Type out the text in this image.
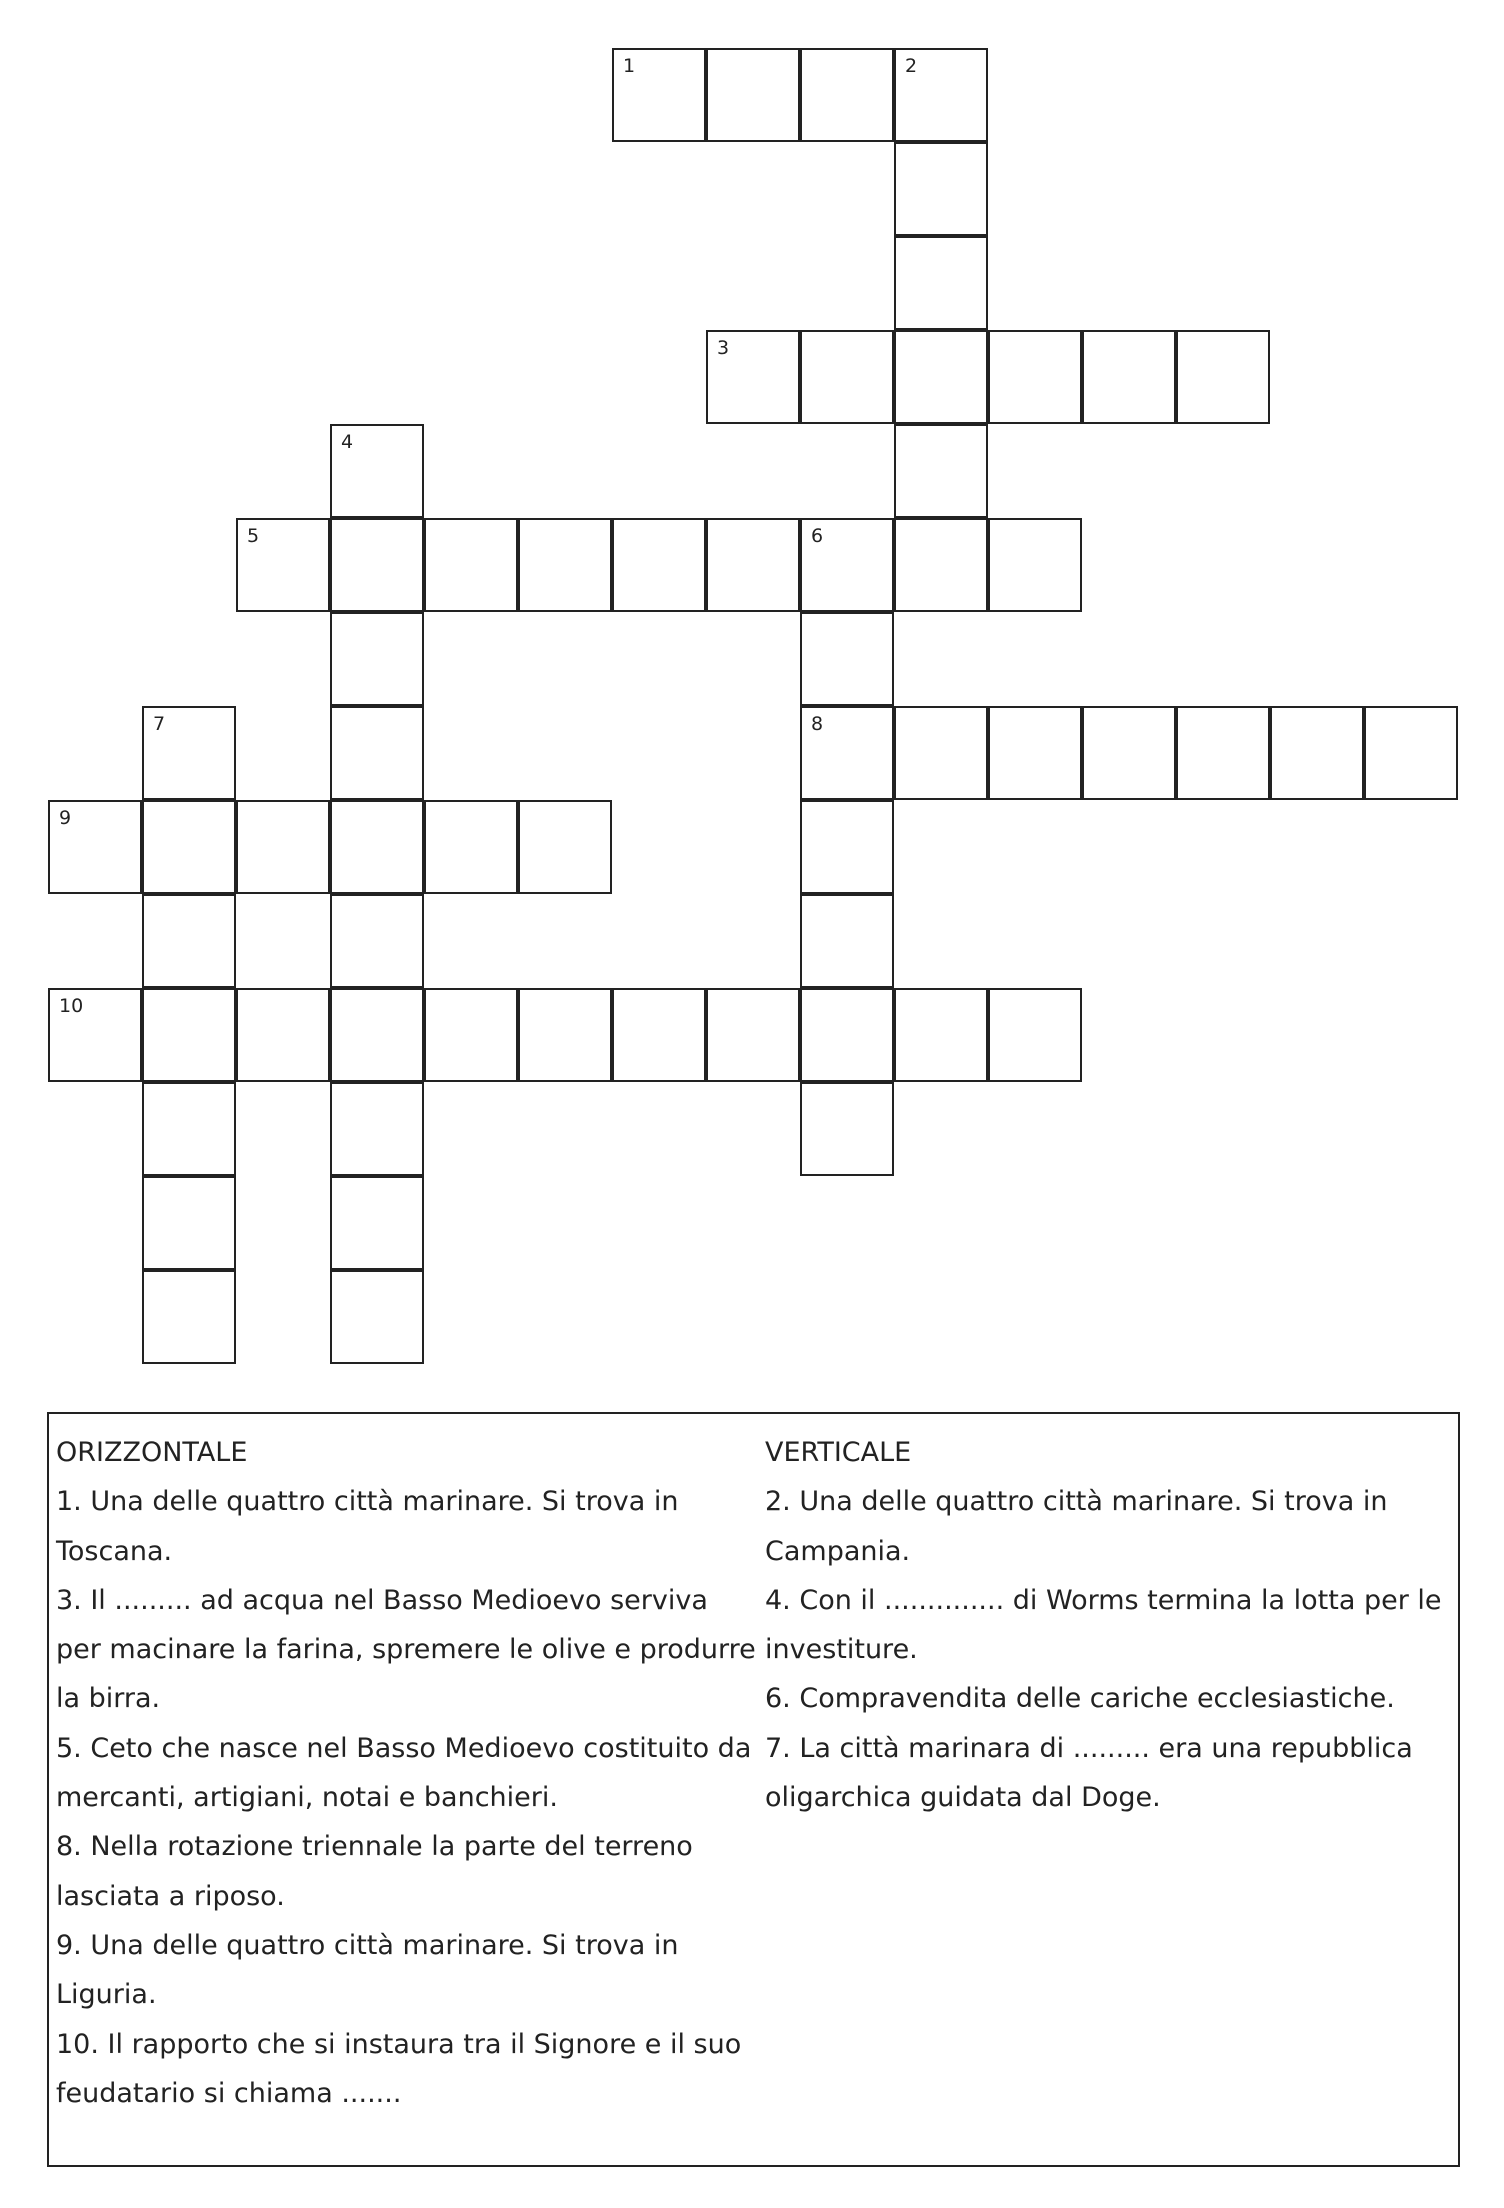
1	2
3
4
5	6
8
7
9
10
ORIZZONTALE
1. Una delle quattro città marinare. Si trova in Toscana.
3. Il ......... ad acqua nel Basso Medioevo serviva per macinare la farina, spremere le olive e produrre la birra.
5. Ceto che nasce nel Basso Medioevo costituito da mercanti, artigiani, notai e banchieri.
8. Nella rotazione triennale la parte del terreno lasciata a riposo.
9. Una delle quattro città marinare. Si trova in Liguria.
10. Il rapporto che si instaura tra il Signore e il suo feudatario si chiama .......
VERTICALE
2. Una delle quattro città marinare. Si trova in Campania.
4. Con il .............. di Worms termina la lotta per le investiture.
6. Compravendita delle cariche ecclesiastiche.
7. La città marinara di ......... era una repubblica oligarchica guidata dal Doge.
